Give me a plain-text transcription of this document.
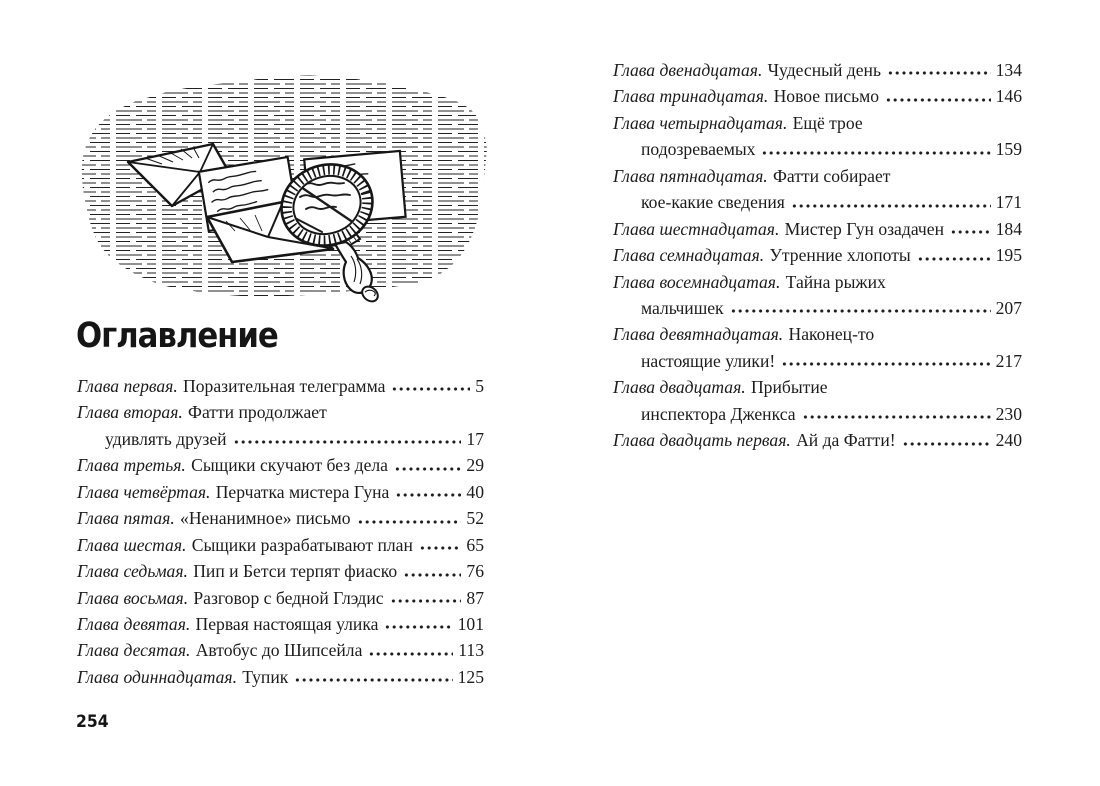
Оглавление
Глава первая. Поразительная телеграмма	5
Глава вторая. Фатти продолжает
удивлять друзей	17
Глава третья. Сыщики скучают без дела	29
Глава четвёртая. Перчатка мистера Гуна	40
Глава пятая. «Ненанимное» письмо	52
Глава шестая. Сыщики разрабатывают план	65
Глава седьмая. Пип и Бетси терпят фиаско	76
Глава восьмая. Разговор с бедной Глэдис	87
Глава девятая. Первая настоящая улика	101
Глава десятая. Автобус до Шипсейла	113
Глава одиннадцатая. Тупик	125
Глава двенадцатая. Чудесный день	134
Глава тринадцатая. Новое письмо	146
Глава четырнадцатая. Ещё трое
подозреваемых	159
Глава пятнадцатая. Фатти собирает
кое-какие сведения	171
Глава шестнадцатая. Мистер Гун озадачен	184
Глава семнадцатая. Утренние хлопоты	195
Глава восемнадцатая. Тайна рыжих
мальчишек	207
Глава девятнадцатая. Наконец-то
настоящие улики!	217
Глава двадцатая. Прибытие
инспектора Дженкса	230
Глава двадцать первая. Ай да Фатти!	240
254
